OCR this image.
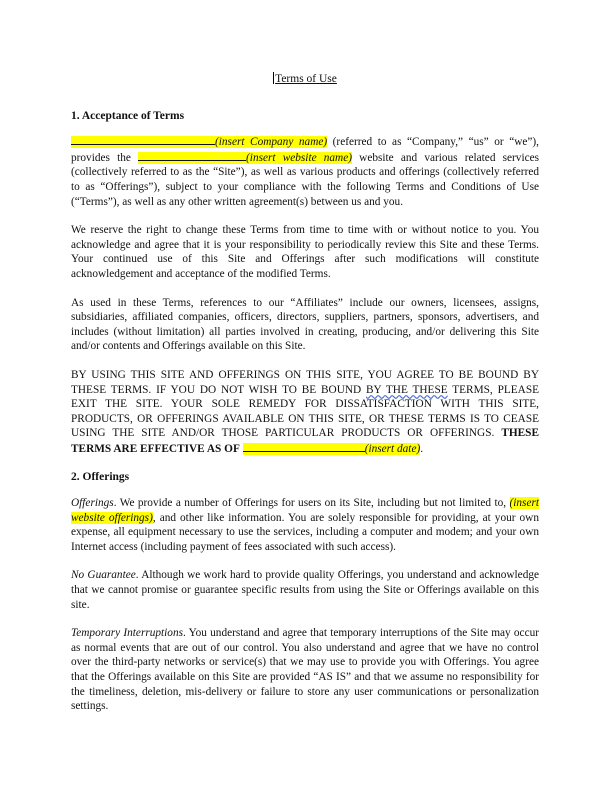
Terms of Use
1. Acceptance of Terms

(insert Company name) (referred to as “Company,” “us” or “we”), provides the	(insert website name) website and various related services (collectively referred to as the “Site”), as well as various products and offerings (collectively referred to as “Offerings”), subject to your compliance with the following Terms and Conditions of Use (“Terms”), as well as any other written agreement(s) between us and you.

We reserve the right to change these Terms from time to time with or without notice to you. You acknowledge and agree that it is your responsibility to periodically review this Site and these Terms. Your continued use of this Site and Offerings after such modifications will constitute acknowledgement and acceptance of the modified Terms.

As used in these Terms, references to our “Affiliates” include our owners, licensees, assigns, subsidiaries, affiliated companies, officers, directors, suppliers, partners, sponsors, advertisers, and includes (without limitation) all parties involved in creating, producing, and/or delivering this Site and/or contents and Offerings available on this Site.

BY USING THIS SITE AND OFFERINGS ON THIS SITE, YOU AGREE TO BE BOUND BY THESE TERMS. IF YOU DO NOT WISH TO BE BOUND BY THE THESE TERMS, PLEASE EXIT THE SITE. YOUR SOLE REMEDY FOR DISSATISFACTION WITH THIS SITE, PRODUCTS, OR OFFERINGS AVAILABLE ON THIS SITE, OR THESE TERMS IS TO CEASE USING THE SITE AND/OR THOSE PARTICULAR PRODUCTS OR OFFERINGS. THESE TERMS ARE EFFECTIVE AS OF	(insert date).

2. Offerings

Offerings. We provide a number of Offerings for users on its Site, including but not limited to, (insert website offerings), and other like information. You are solely responsible for providing, at your own expense, all equipment necessary to use the services, including a computer and modem; and your own Internet access (including payment of fees associated with such access).

No Guarantee. Although we work hard to provide quality Offerings, you understand and acknowledge that we cannot promise or guarantee specific results from using the Site or Offerings available on this site.

Temporary Interruptions. You understand and agree that temporary interruptions of the Site may occur as normal events that are out of our control. You also understand and agree that we have no control over the third-party networks or service(s) that we may use to provide you with Offerings. You agree that the Offerings available on this Site are provided “AS IS” and that we assume no responsibility for the timeliness, deletion, mis-delivery or failure to store any user communications or personalization settings.
